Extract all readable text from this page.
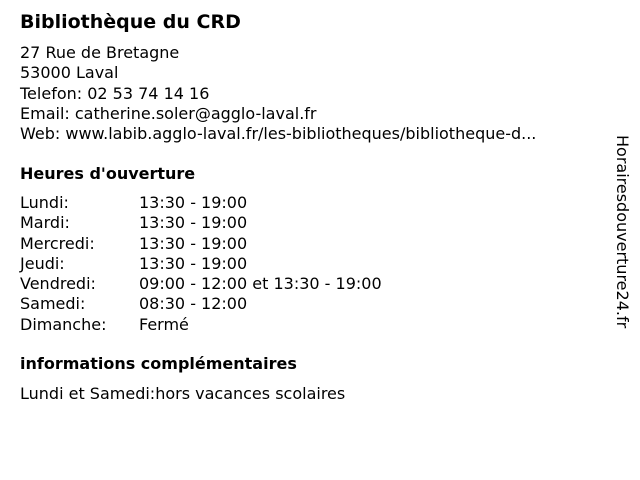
Bibliothèque du CRD
27 Rue de Bretagne
53000 Laval
Telefon: 02 53 74 14 16
Email: catherine.soler@agglo-laval.fr
Web: www.labib.agglo-laval.fr/les-bibliotheques/bibliotheque-d...
Heures d'ouverture
Lundi:	13:30 - 19:00
Mardi:	13:30 - 19:00
Mercredi:	13:30 - 19:00
Jeudi:	13:30 - 19:00
Vendredi:	09:00 - 12:00 et 13:30 - 19:00
Samedi:	08:30 - 12:00
Dimanche:	Fermé
informations complémentaires
Lundi et Samedi:hors vacances scolaires
Horairesdouverture24.fr
